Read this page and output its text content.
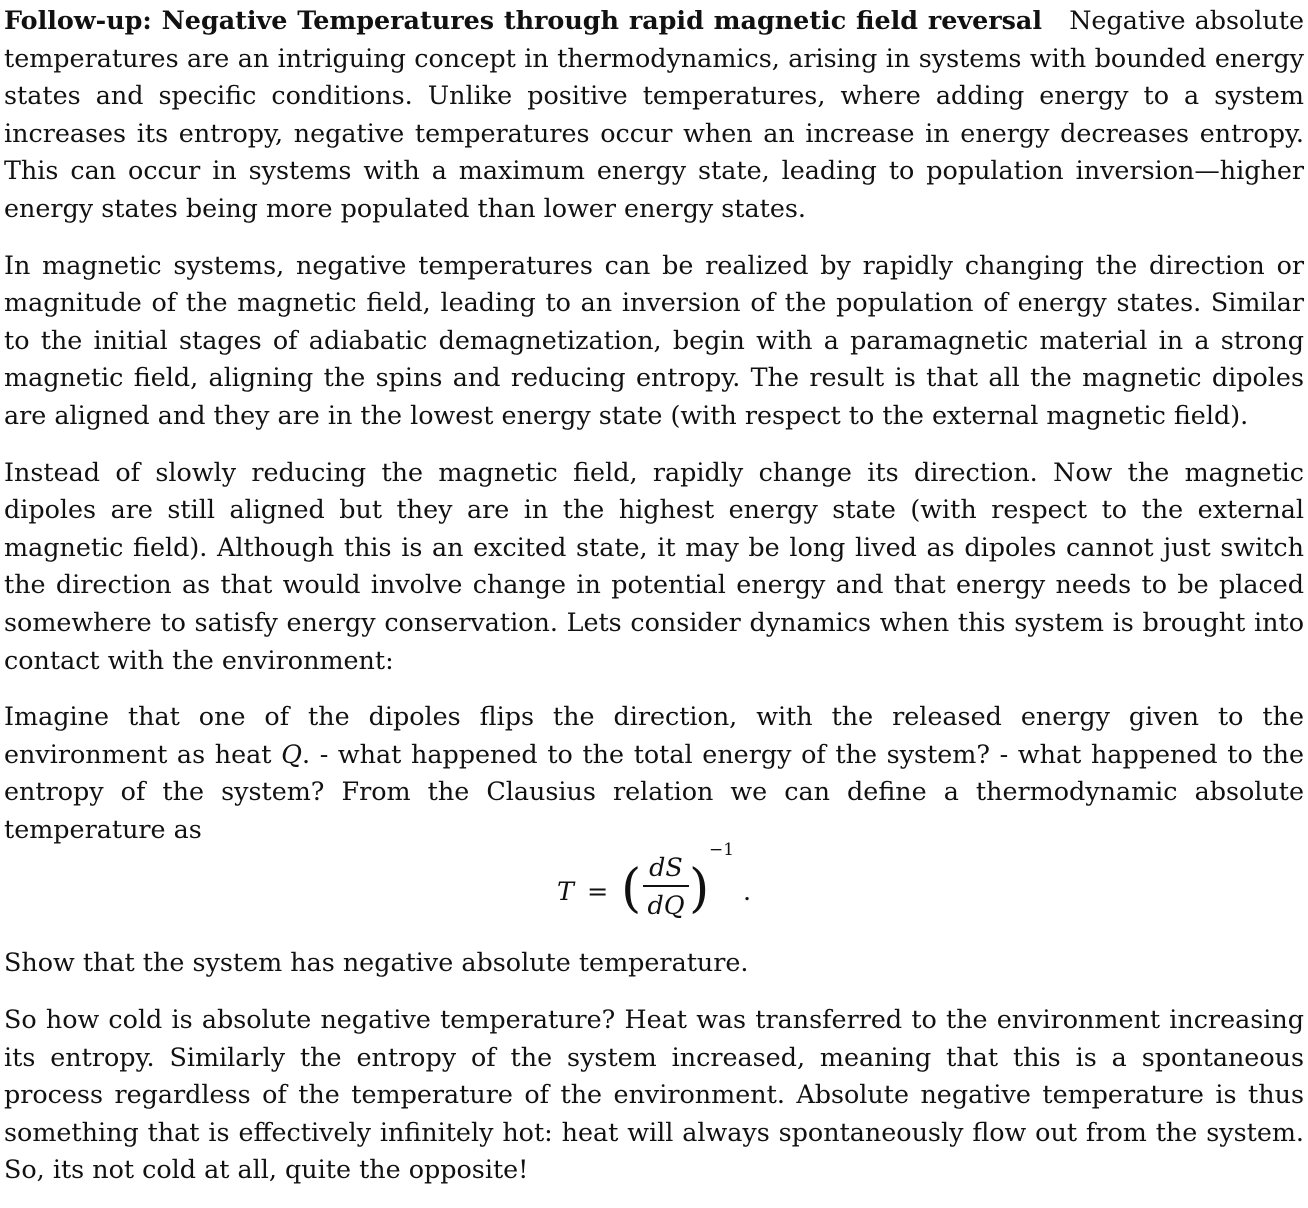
Follow-up: Negative Temperatures through rapid magnetic field reversal Negative absolute temperatures are an intriguing concept in thermodynamics, arising in systems with bounded energy states and specific conditions. Unlike positive temperatures, where adding energy to a system increases its entropy, negative temperatures occur when an increase in energy decreases entropy. This can occur in systems with a maximum energy state, leading to population inversion—higher energy states being more populated than lower energy states.

In magnetic systems, negative temperatures can be realized by rapidly changing the direction or magnitude of the magnetic field, leading to an inversion of the population of energy states. Similar to the initial stages of adiabatic demagnetization, begin with a paramagnetic material in a strong magnetic field, aligning the spins and reducing entropy. The result is that all the magnetic dipoles are aligned and they are in the lowest energy state (with respect to the external magnetic field).

Instead of slowly reducing the magnetic field, rapidly change its direction. Now the magnetic dipoles are still aligned but they are in the highest energy state (with respect to the external magnetic field). Although this is an excited state, it may be long lived as dipoles cannot just switch the direction as that would involve change in potential energy and that energy needs to be placed somewhere to satisfy energy conservation. Lets consider dynamics when this system is brought into contact with the environment:

Imagine that one of the dipoles flips the direction, with the released energy given to the environment as heat Q. - what happened to the total energy of the system? - what happened to the entropy of the system? From the Clausius relation we can define a thermodynamic absolute temperature as

T = ( dS
dQ )
−1
.

Show that the system has negative absolute temperature.

So how cold is absolute negative temperature? Heat was transferred to the environment increasing its entropy. Similarly the entropy of the system increased, meaning that this is a spontaneous process regardless of the temperature of the environment. Absolute negative temperature is thus something that is effectively infinitely hot: heat will always spontaneously flow out from the system. So, its not cold at all, quite the opposite!
